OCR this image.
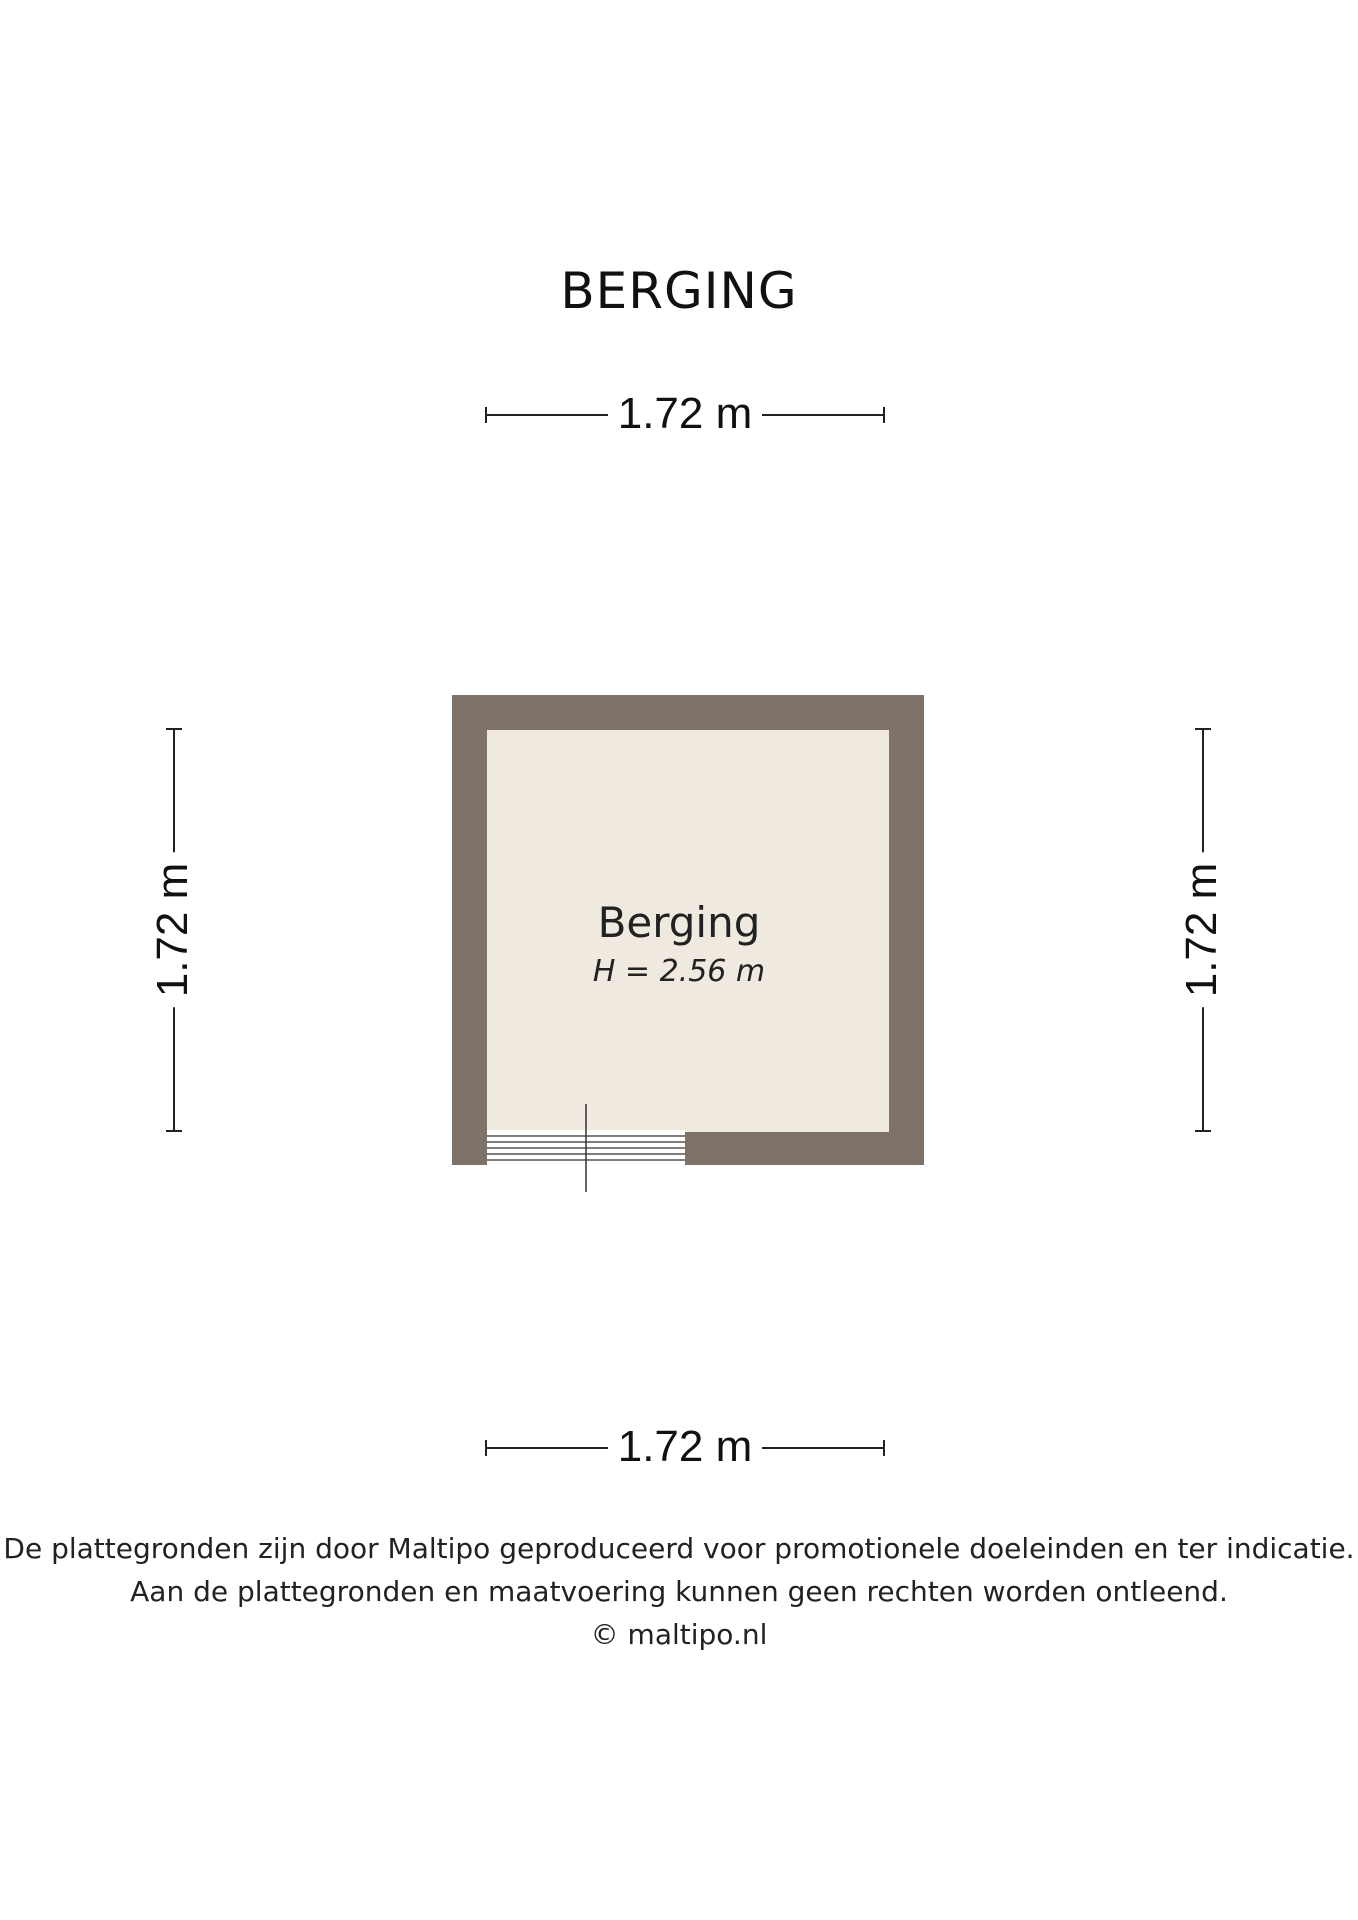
BERGING
1.72 m
1.72 m
1.72 m	1.72 m
Berging
H = 2.56 m
De plattegronden zijn door Maltipo geproduceerd voor promotionele doeleinden en ter indicatie.
Aan de plattegronden en maatvoering kunnen geen rechten worden ontleend.
© maltipo.nl
